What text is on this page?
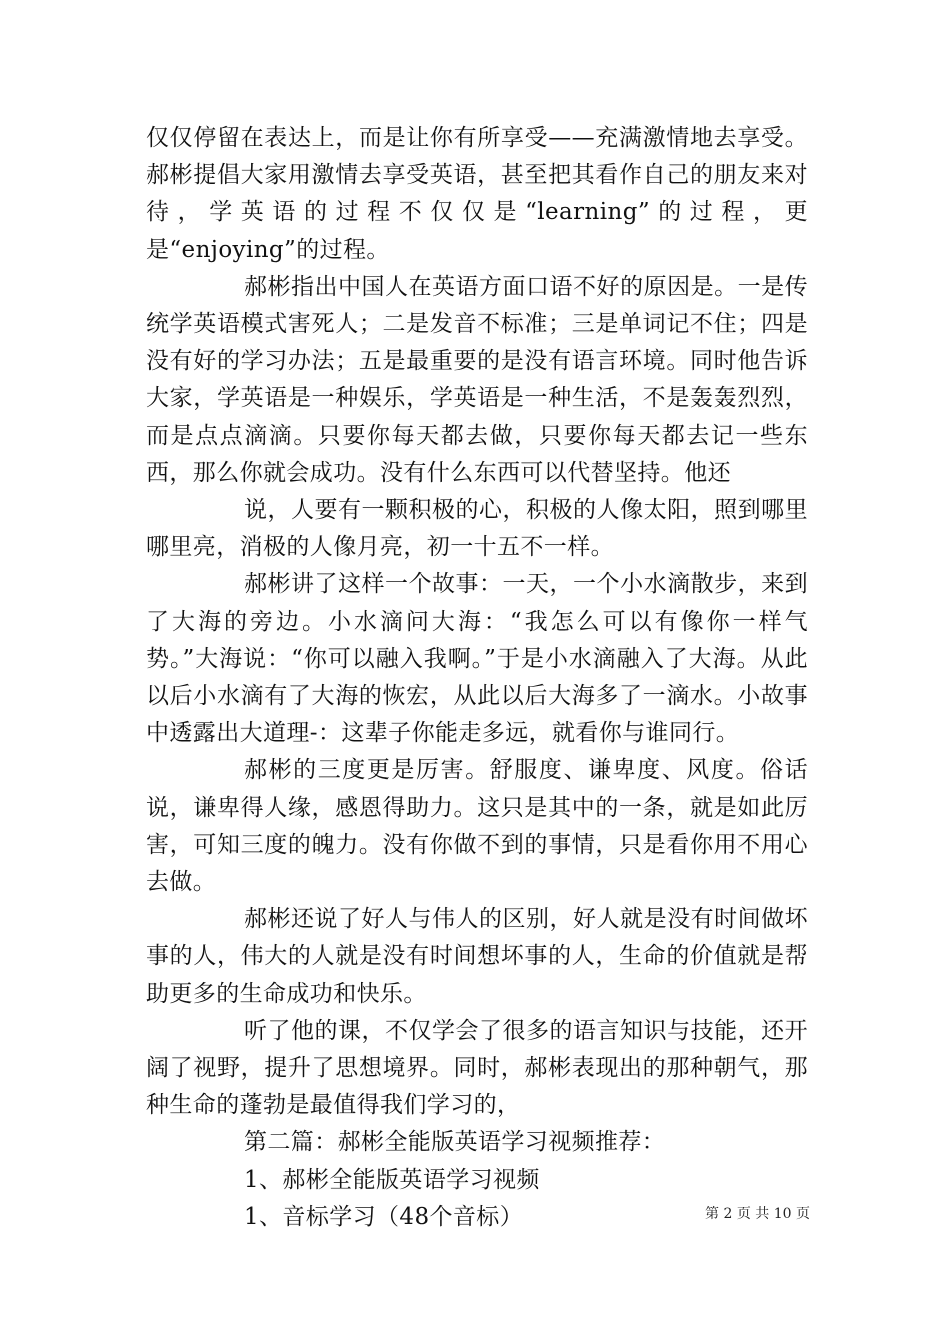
仅仅停留在表达上，而是让你有所享受——充满激情地去享受。郝彬提倡大家用激情去享受英语，甚至把其看作自己的朋友来对待，学英语的过程不仅仅是“learning”的过程，更是“enjoying”的过程。

郝彬指出中国人在英语方面口语不好的原因是。一是传统学英语模式害死人；二是发音不标准；三是单词记不住；四是没有好的学习办法；五是最重要的是没有语言环境。同时他告诉大家，学英语是一种娱乐，学英语是一种生活，不是轰轰烈烈，而是点点滴滴。只要你每天都去做，只要你每天都去记一些东西，那么你就会成功。没有什么东西可以代替坚持。他还

说，人要有一颗积极的心，积极的人像太阳，照到哪里哪里亮，消极的人像月亮，初一十五不一样。

郝彬讲了这样一个故事：一天，一个小水滴散步，来到了大海的旁边。小水滴问大海：“我怎么可以有像你一样气势。”大海说：“你可以融入我啊。”于是小水滴融入了大海。从此以后小水滴有了大海的恢宏，从此以后大海多了一滴水。小故事中透露出大道理-：这辈子你能走多远，就看你与谁同行。

郝彬的三度更是厉害。舒服度、谦卑度、风度。俗话说，谦卑得人缘，感恩得助力。这只是其中的一条，就是如此厉害，可知三度的魄力。没有你做不到的事情，只是看你用不用心去做。

郝彬还说了好人与伟人的区别，好人就是没有时间做坏事的人，伟大的人就是没有时间想坏事的人，生命的价值就是帮助更多的生命成功和快乐。

听了他的课，不仅学会了很多的语言知识与技能，还开阔了视野，提升了思想境界。同时，郝彬表现出的那种朝气，那种生命的蓬勃是最值得我们学习的，

第二篇：郝彬全能版英语学习视频推荐：

1、郝彬全能版英语学习视频

1、音标学习（48个音标）	第 2 页 共 10 页
